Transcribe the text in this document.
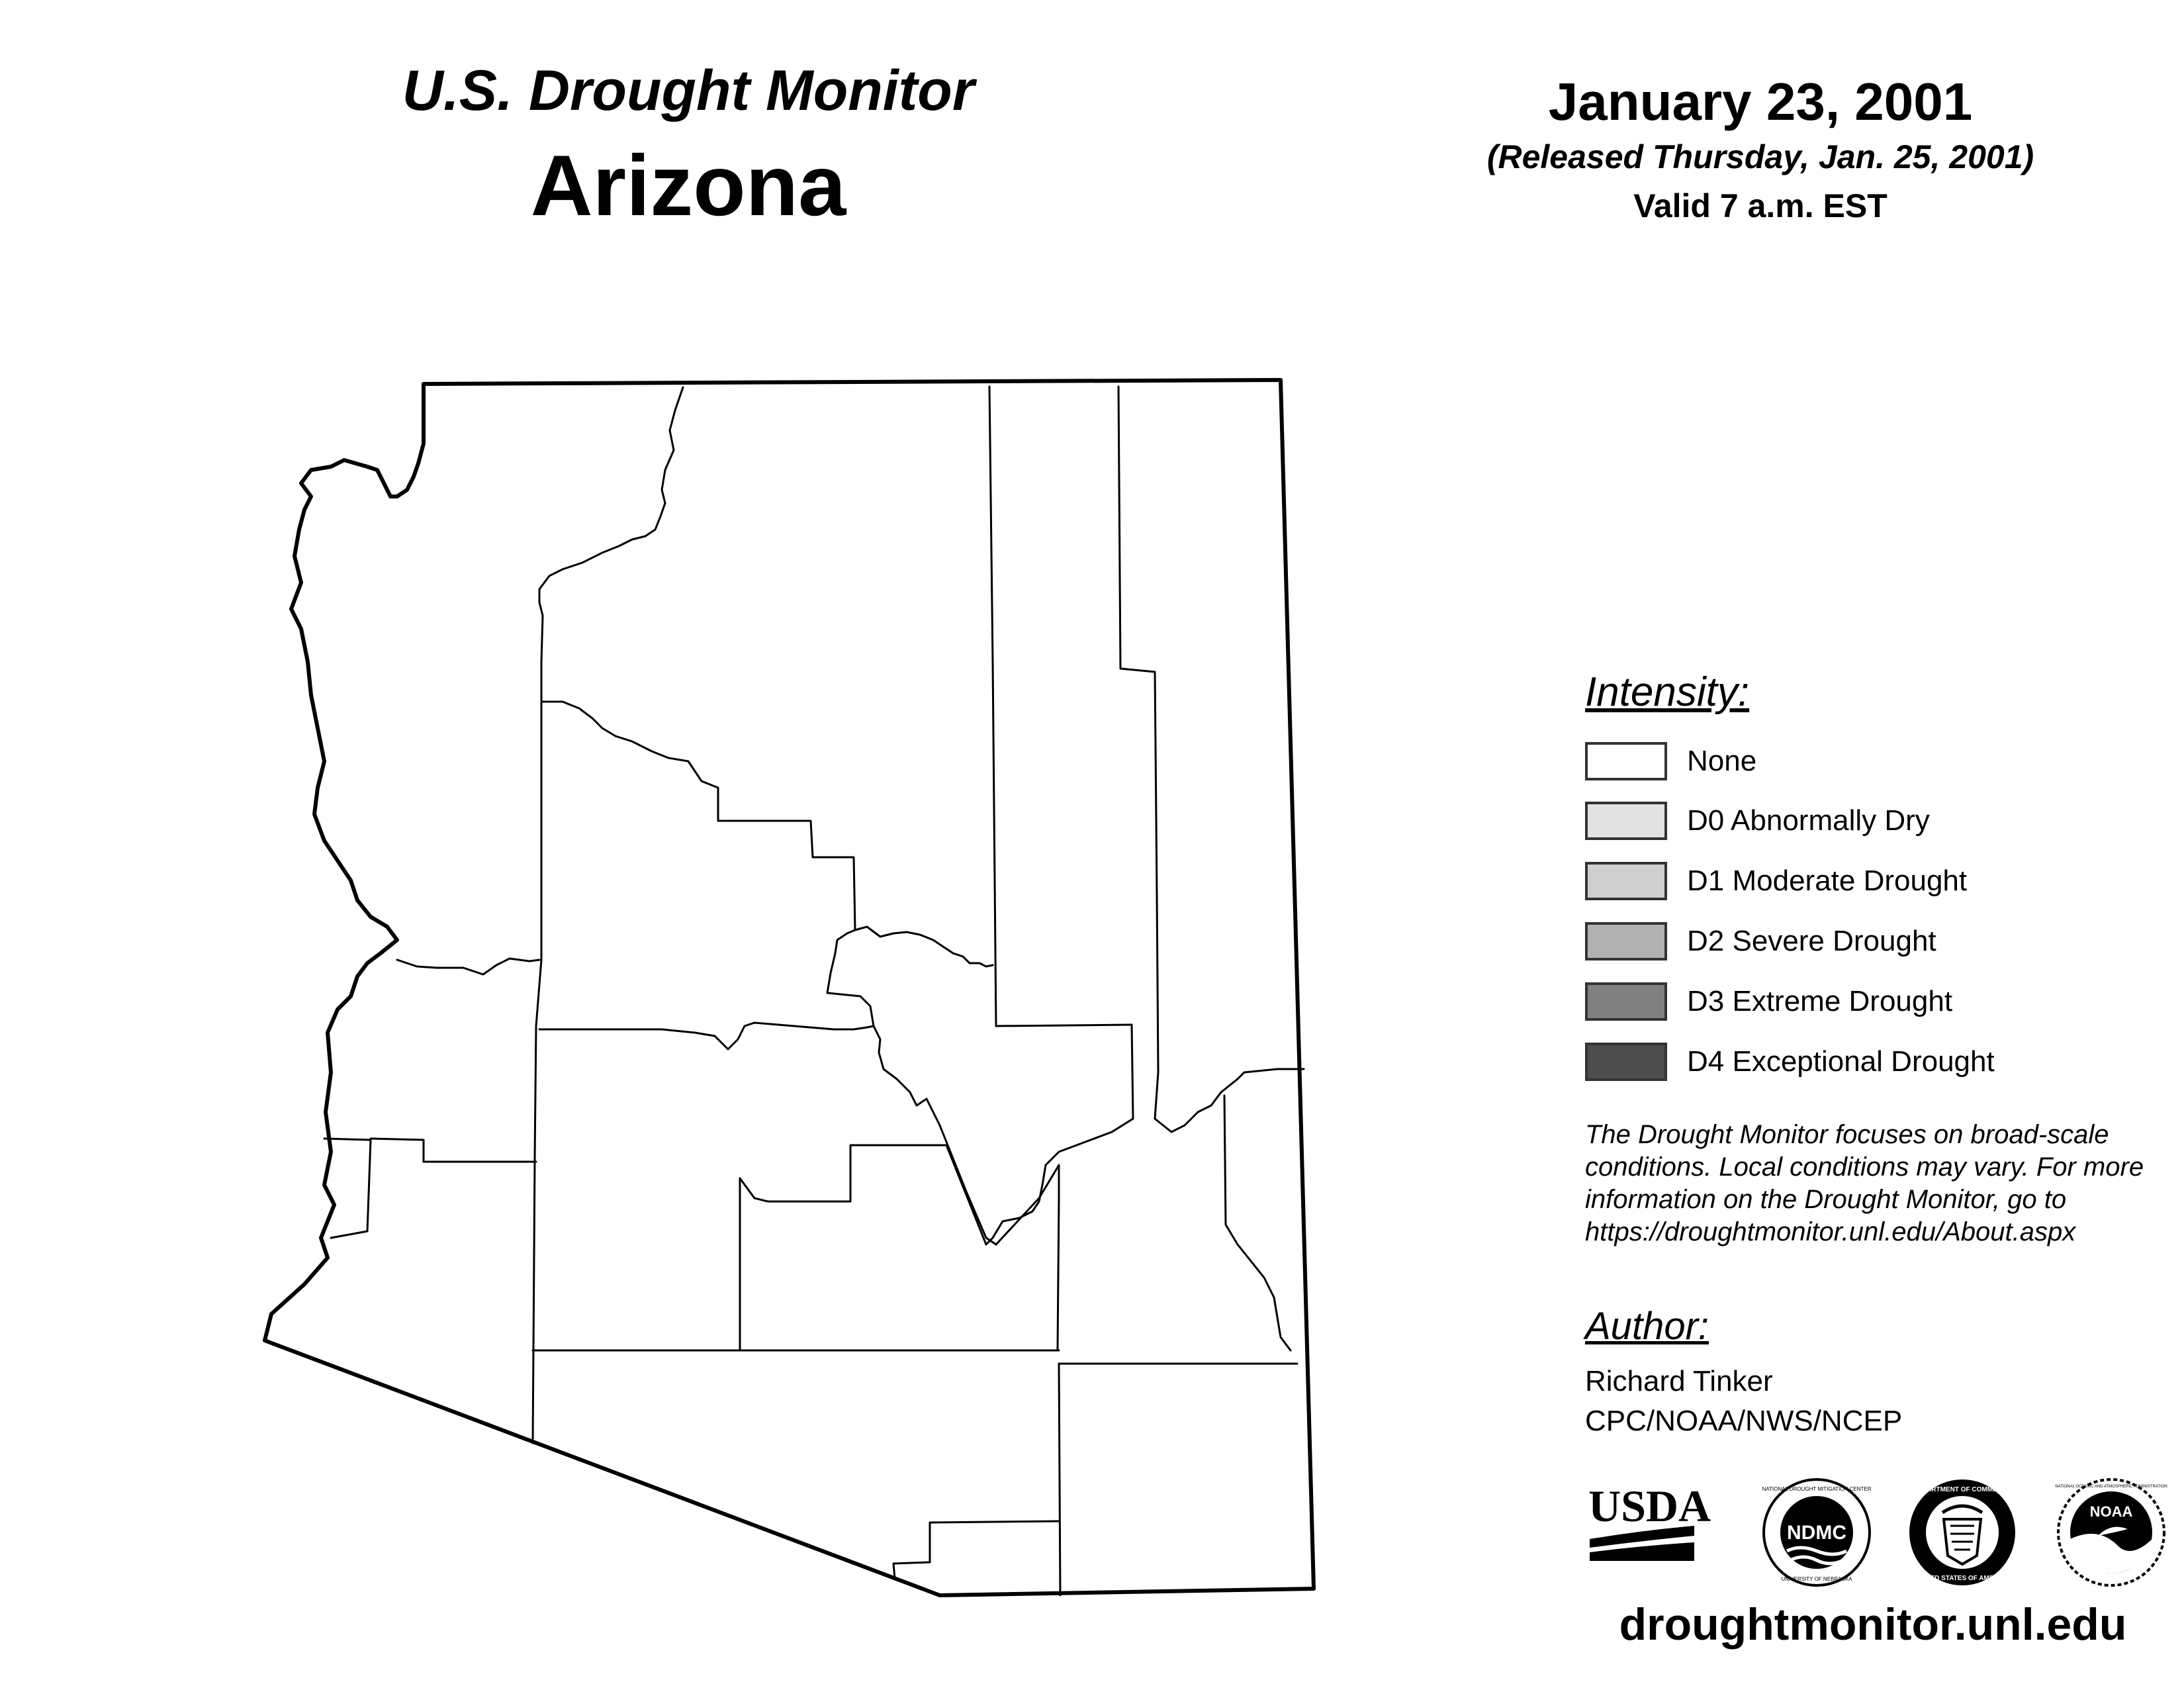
U.S. Drought Monitor
Arizona
January 23, 2001
(Released Thursday, Jan. 25, 2001)
Valid 7 a.m. EST
Intensity:
None
D0 Abnormally Dry
D1 Moderate Drought
D2 Severe Drought
D3 Extreme Drought
D4 Exceptional Drought
The Drought Monitor focuses on broad-scale
conditions. Local conditions may vary. For more
information on the Drought Monitor, go to
https://droughtmonitor.unl.edu/About.aspx
Author:
Richard Tinker
CPC/NOAA/NWS/NCEP
USDA
NDMC
NATIONAL DROUGHT MITIGATION CENTER
UNIVERSITY OF NEBRASKA
DEPARTMENT OF COMMERCE
UNITED STATES OF AMERICA
NOAA
NATIONAL OCEANIC AND ATMOSPHERIC ADMINISTRATION
droughtmonitor.unl.edu
